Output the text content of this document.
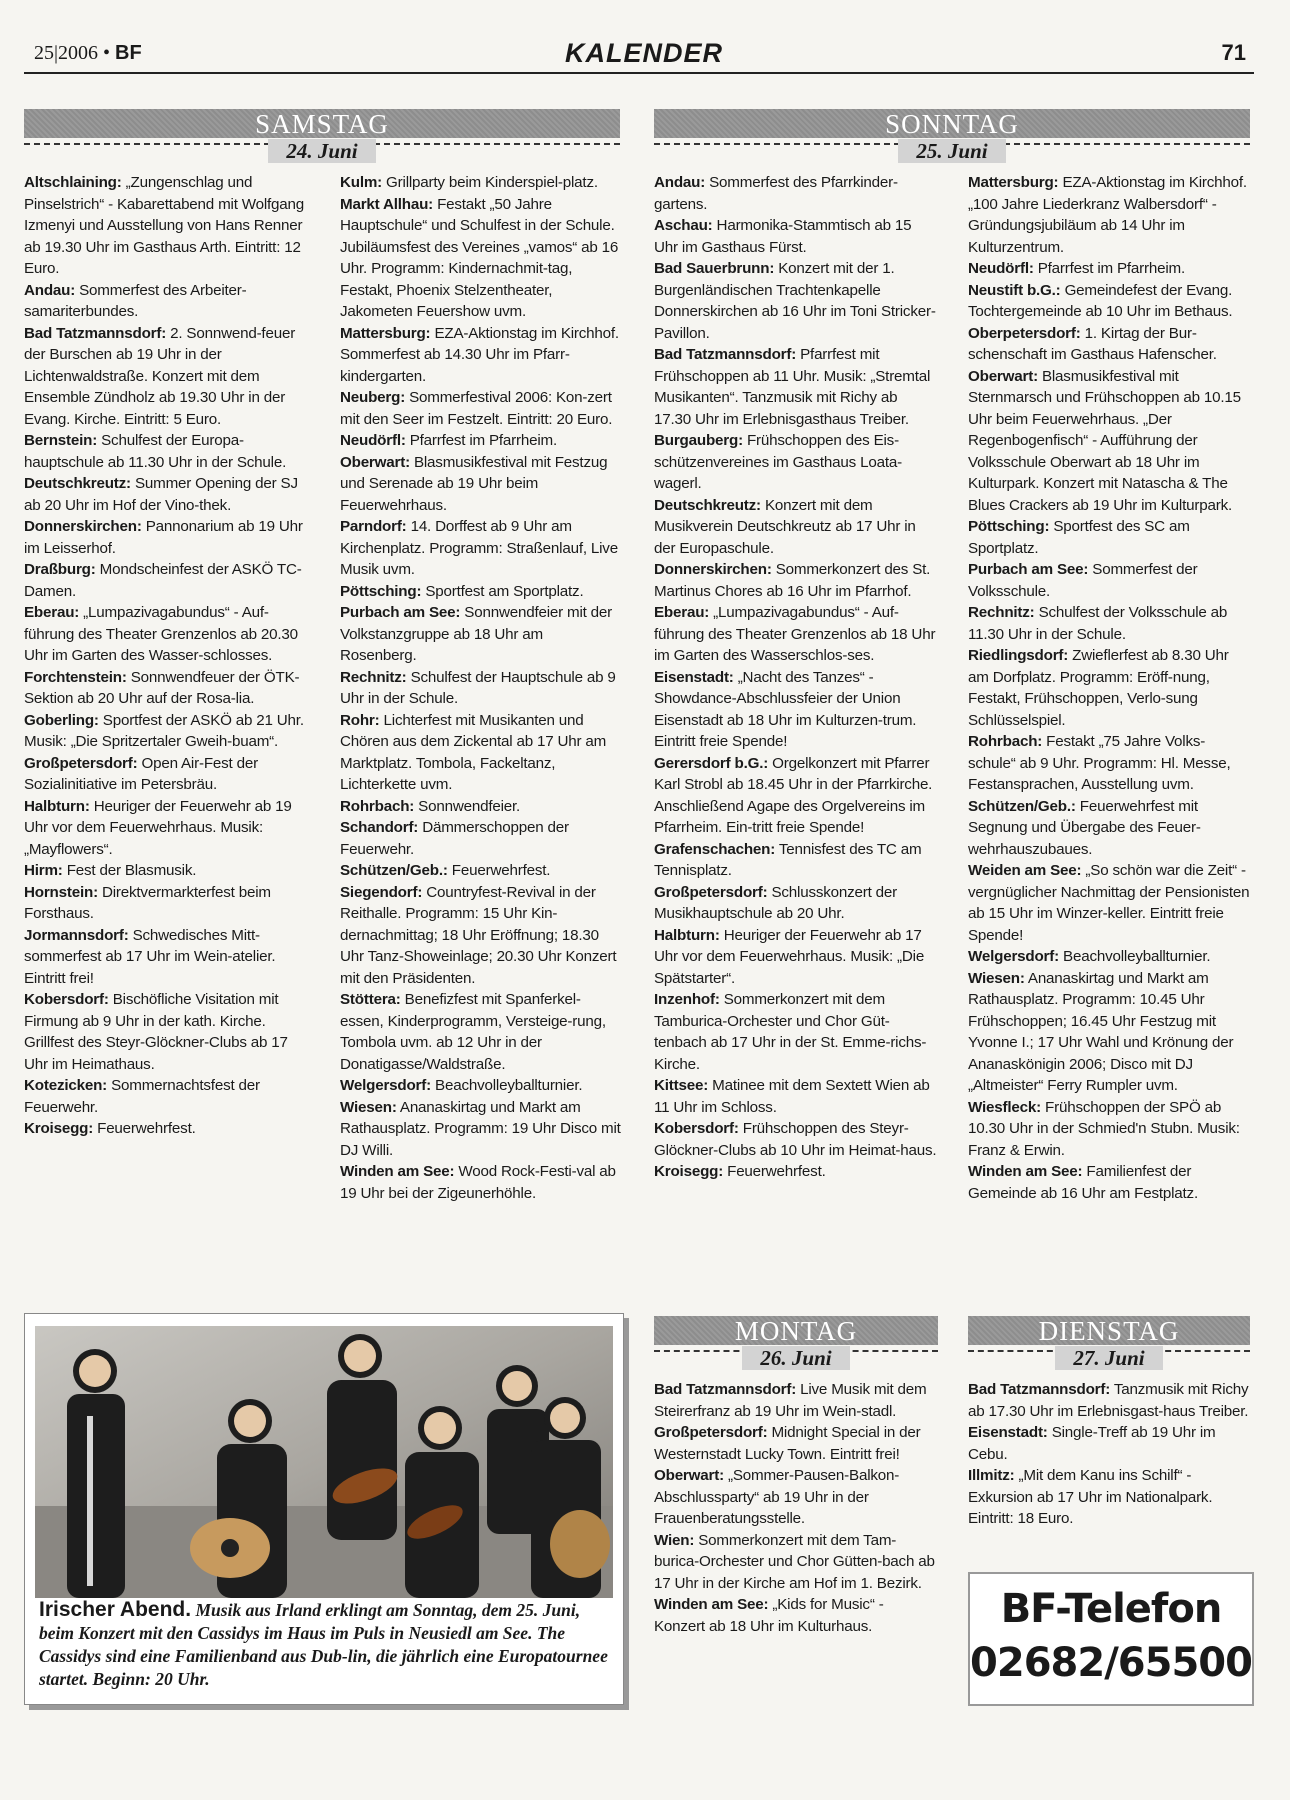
25|2006 • BF	KALENDER	71
SAMSTAG
24. Juni
SONNTAG
25. Juni

Altschlaining: „Zungenschlag und Pinselstrich“ - Kabarettabend mit Wolfgang Izmenyi und Ausstellung von Hans Renner ab 19.30 Uhr im Gasthaus Arth. Eintritt: 12 Euro.

Andau: Sommerfest des Arbeiter-samariterbundes.

Bad Tatzmannsdorf: 2. Sonnwend-feuer der Burschen ab 19 Uhr in der Lichtenwaldstraße. Konzert mit dem Ensemble Zündholz ab 19.30 Uhr in der Evang. Kirche. Eintritt: 5 Euro.

Bernstein: Schulfest der Europa-hauptschule ab 11.30 Uhr in der Schule.

Deutschkreutz: Summer Opening der SJ ab 20 Uhr im Hof der Vino-thek.

Donnerskirchen: Pannonarium ab 19 Uhr im Leisserhof.

Draßburg: Mondscheinfest der ASKÖ TC-Damen.

Eberau: „Lumpazivagabundus“ - Auf-führung des Theater Grenzenlos ab 20.30 Uhr im Garten des Wasser-schlosses.

Forchtenstein: Sonnwendfeuer der ÖTK-Sektion ab 20 Uhr auf der Rosa-lia.

Goberling: Sportfest der ASKÖ ab 21 Uhr. Musik: „Die Spritzertaler Gweih-buam“.

Großpetersdorf: Open Air-Fest der Sozialinitiative im Petersbräu.

Halbturn: Heuriger der Feuerwehr ab 19 Uhr vor dem Feuerwehrhaus. Musik: „Mayflowers“.

Hirm: Fest der Blasmusik.

Hornstein: Direktvermarkterfest beim Forsthaus.

Jormannsdorf: Schwedisches Mitt-sommerfest ab 17 Uhr im Wein-atelier. Eintritt frei!

Kobersdorf: Bischöfliche Visitation mit Firmung ab 9 Uhr in der kath. Kirche. Grillfest des Steyr-Glöckner-Clubs ab 17 Uhr im Heimathaus.

Kotezicken: Sommernachtsfest der Feuerwehr.

Kroisegg: Feuerwehrfest.

Kulm: Grillparty beim Kinderspiel-platz.

Markt Allhau: Festakt „50 Jahre Hauptschule“ und Schulfest in der Schule. Jubiläumsfest des Vereines „vamos“ ab 16 Uhr. Programm: Kindernachmit-tag, Festakt, Phoenix Stelzentheater, Jakometen Feuershow uvm.

Mattersburg: EZA-Aktionstag im Kirchhof. Sommerfest ab 14.30 Uhr im Pfarr-kindergarten.

Neuberg: Sommerfestival 2006: Kon-zert mit den Seer im Festzelt. Eintritt: 20 Euro.

Neudörfl: Pfarrfest im Pfarrheim.

Oberwart: Blasmusikfestival mit Festzug und Serenade ab 19 Uhr beim Feuerwehrhaus.

Parndorf: 14. Dorffest ab 9 Uhr am Kirchenplatz. Programm: Straßenlauf, Live Musik uvm.

Pöttsching: Sportfest am Sportplatz.

Purbach am See: Sonnwendfeier mit der Volkstanzgruppe ab 18 Uhr am Rosenberg.

Rechnitz: Schulfest der Hauptschule ab 9 Uhr in der Schule.

Rohr: Lichterfest mit Musikanten und Chören aus dem Zickental ab 17 Uhr am Marktplatz. Tombola, Fackeltanz, Lichterkette uvm.

Rohrbach: Sonnwendfeier.

Schandorf: Dämmerschoppen der Feuerwehr.

Schützen/Geb.: Feuerwehrfest.

Siegendorf: Countryfest-Revival in der Reithalle. Programm: 15 Uhr Kin-dernachmittag; 18 Uhr Eröffnung; 18.30 Uhr Tanz-Showeinlage; 20.30 Uhr Konzert mit den Präsidenten.

Stöttera: Benefizfest mit Spanferkel-essen, Kinderprogramm, Versteige-rung, Tombola uvm. ab 12 Uhr in der Donatigasse/Waldstraße.

Welgersdorf: Beachvolleyballturnier.

Wiesen: Ananaskirtag und Markt am Rathausplatz. Programm: 19 Uhr Disco mit DJ Willi.

Winden am See: Wood Rock-Festi-val ab 19 Uhr bei der Zigeunerhöhle.

Andau: Sommerfest des Pfarrkinder-gartens.

Aschau: Harmonika-Stammtisch ab 15 Uhr im Gasthaus Fürst.

Bad Sauerbrunn: Konzert mit der 1. Burgenländischen Trachtenkapelle Donnerskirchen ab 16 Uhr im Toni Stricker-Pavillon.

Bad Tatzmannsdorf: Pfarrfest mit Frühschoppen ab 11 Uhr. Musik: „Stremtal Musikanten“. Tanzmusik mit Richy ab 17.30 Uhr im Erlebnisgasthaus Treiber.

Burgauberg: Frühschoppen des Eis-schützenvereines im Gasthaus Loata-wagerl.

Deutschkreutz: Konzert mit dem Musikverein Deutschkreutz ab 17 Uhr in der Europaschule.

Donnerskirchen: Sommerkonzert des St. Martinus Chores ab 16 Uhr im Pfarrhof.

Eberau: „Lumpazivagabundus“ - Auf-führung des Theater Grenzenlos ab 18 Uhr im Garten des Wasserschlos-ses.

Eisenstadt: „Nacht des Tanzes“ - Showdance-Abschlussfeier der Union Eisenstadt ab 18 Uhr im Kulturzen-trum. Eintritt freie Spende!

Gerersdorf b.G.: Orgelkonzert mit Pfarrer Karl Strobl ab 18.45 Uhr in der Pfarrkirche. Anschließend Agape des Orgelvereins im Pfarrheim. Ein-tritt freie Spende!

Grafenschachen: Tennisfest des TC am Tennisplatz.

Großpetersdorf: Schlusskonzert der Musikhauptschule ab 20 Uhr.

Halbturn: Heuriger der Feuerwehr ab 17 Uhr vor dem Feuerwehrhaus. Musik: „Die Spätstarter“.

Inzenhof: Sommerkonzert mit dem Tamburica-Orchester und Chor Güt-tenbach ab 17 Uhr in der St. Emme-richs-Kirche.

Kittsee: Matinee mit dem Sextett Wien ab 11 Uhr im Schloss.

Kobersdorf: Frühschoppen des Steyr-Glöckner-Clubs ab 10 Uhr im Heimat-haus.

Kroisegg: Feuerwehrfest.

Mattersburg: EZA-Aktionstag im Kirchhof. „100 Jahre Liederkranz Walbersdorf“ - Gründungsjubiläum ab 14 Uhr im Kulturzentrum.

Neudörfl: Pfarrfest im Pfarrheim.

Neustift b.G.: Gemeindefest der Evang. Tochtergemeinde ab 10 Uhr im Bethaus.

Oberpetersdorf: 1. Kirtag der Bur-schenschaft im Gasthaus Hafenscher.

Oberwart: Blasmusikfestival mit Sternmarsch und Frühschoppen ab 10.15 Uhr beim Feuerwehrhaus. „Der Regenbogenfisch“ - Aufführung der Volksschule Oberwart ab 18 Uhr im Kulturpark. Konzert mit Natascha & The Blues Crackers ab 19 Uhr im Kulturpark.

Pöttsching: Sportfest des SC am Sportplatz.

Purbach am See: Sommerfest der Volksschule.

Rechnitz: Schulfest der Volksschule ab 11.30 Uhr in der Schule.

Riedlingsdorf: Zwieflerfest ab 8.30 Uhr am Dorfplatz. Programm: Eröff-nung, Festakt, Frühschoppen, Verlo-sung Schlüsselspiel.

Rohrbach: Festakt „75 Jahre Volks-schule“ ab 9 Uhr. Programm: Hl. Messe, Festansprachen, Ausstellung uvm.

Schützen/Geb.: Feuerwehrfest mit Segnung und Übergabe des Feuer-wehrhauszubaues.

Weiden am See: „So schön war die Zeit“ - vergnüglicher Nachmittag der Pensionisten ab 15 Uhr im Winzer-keller. Eintritt freie Spende!

Welgersdorf: Beachvolleyballturnier.

Wiesen: Ananaskirtag und Markt am Rathausplatz. Programm: 10.45 Uhr Frühschoppen; 16.45 Uhr Festzug mit Yvonne I.; 17 Uhr Wahl und Krönung der Ananaskönigin 2006; Disco mit DJ „Altmeister“ Ferry Rumpler uvm.

Wiesfleck: Frühschoppen der SPÖ ab 10.30 Uhr in der Schmied'n Stubn. Musik: Franz & Erwin.

Winden am See: Familienfest der Gemeinde ab 16 Uhr am Festplatz.

Irischer Abend. Musik aus Irland erklingt am Sonntag, dem 25. Juni, beim Konzert mit den Cassidys im Haus im Puls in Neusiedl am See. The Cassidys sind eine Familienband aus Dub-lin, die jährlich eine Europatournee startet. Beginn: 20 Uhr.
MONTAG
26. Juni

Bad Tatzmannsdorf: Live Musik mit dem Steirerfranz ab 19 Uhr im Wein-stadl.

Großpetersdorf: Midnight Special in der Westernstadt Lucky Town. Eintritt frei!

Oberwart: „Sommer-Pausen-Balkon-Abschlussparty“ ab 19 Uhr in der Frauenberatungsstelle.

Wien: Sommerkonzert mit dem Tam-burica-Orchester und Chor Gütten-bach ab 17 Uhr in der Kirche am Hof im 1. Bezirk.

Winden am See: „Kids for Music“ - Konzert ab 18 Uhr im Kulturhaus.

DIENSTAG
27. Juni

Bad Tatzmannsdorf: Tanzmusik mit Richy ab 17.30 Uhr im Erlebnisgast-haus Treiber.

Eisenstadt: Single-Treff ab 19 Uhr im Cebu.

Illmitz: „Mit dem Kanu ins Schilf“ - Exkursion ab 17 Uhr im Nationalpark. Eintritt: 18 Euro.

BF-Telefon
02682/65500
